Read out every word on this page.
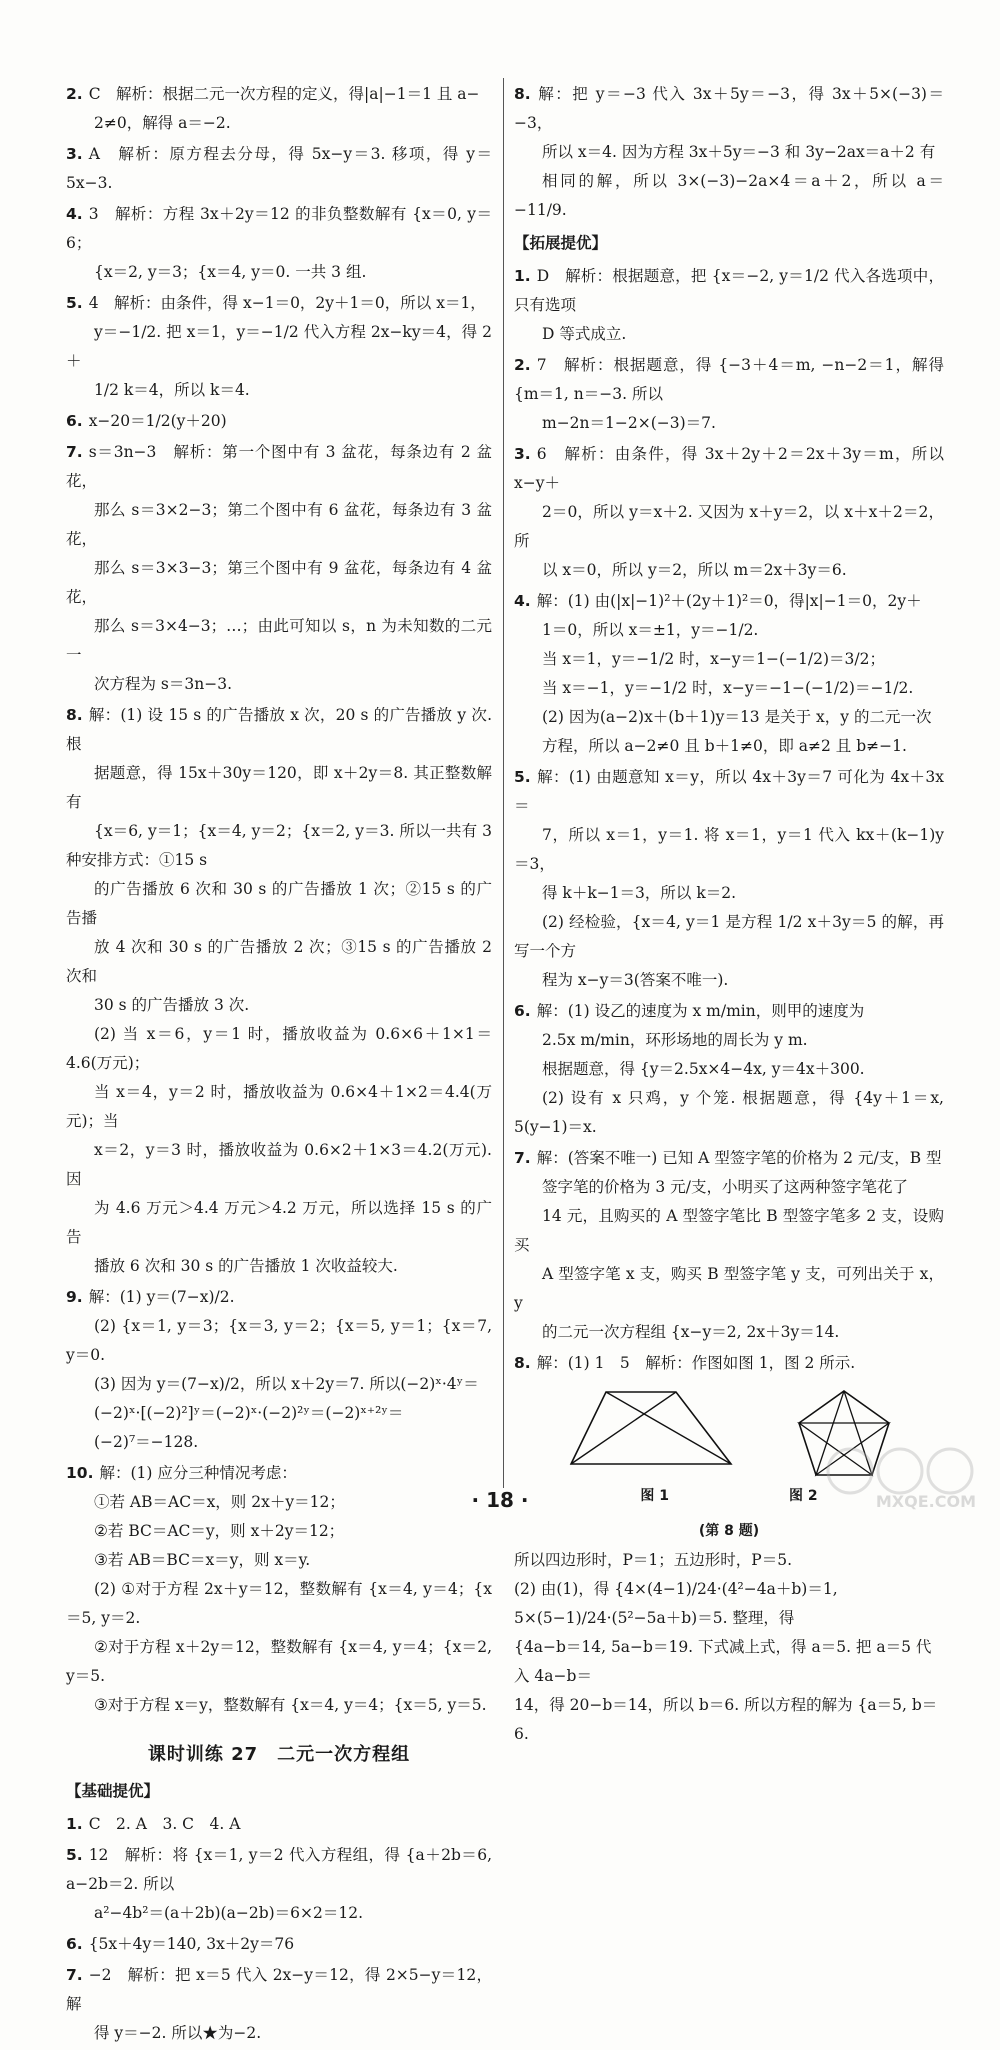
2. C　解析：根据二元一次方程的定义，得|a|−1＝1 且 a−
2≠0，解得 a＝−2.
3. A　解析：原方程去分母，得 5x−y＝3. 移项，得 y＝5x−3.
4. 3　解析：方程 3x＋2y＝12 的非负整数解有 {x＝0, y＝6；
{x＝2, y＝3；{x＝4, y＝0. 一共 3 组.
5. 4　解析：由条件，得 x−1＝0，2y＋1＝0，所以 x＝1，
y＝−1/2. 把 x＝1，y＝−1/2 代入方程 2x−ky＝4，得 2＋
1/2 k＝4，所以 k＝4.
6. x−20＝1/2(y＋20)
7. s＝3n−3　解析：第一个图中有 3 盆花，每条边有 2 盆花，
那么 s＝3×2−3；第二个图中有 6 盆花，每条边有 3 盆花，
那么 s＝3×3−3；第三个图中有 9 盆花，每条边有 4 盆花，
那么 s＝3×4−3；…；由此可知以 s，n 为未知数的二元一
次方程为 s＝3n−3.
8. 解：(1) 设 15 s 的广告播放 x 次，20 s 的广告播放 y 次. 根
据题意，得 15x＋30y＝120，即 x＋2y＝8. 其正整数解有
{x＝6, y＝1；{x＝4, y＝2；{x＝2, y＝3. 所以一共有 3 种安排方式：①15 s
的广告播放 6 次和 30 s 的广告播放 1 次；②15 s 的广告播
放 4 次和 30 s 的广告播放 2 次；③15 s 的广告播放 2 次和
30 s 的广告播放 3 次.
(2) 当 x＝6，y＝1 时，播放收益为 0.6×6＋1×1＝4.6(万元)；
当 x＝4，y＝2 时，播放收益为 0.6×4＋1×2＝4.4(万元)；当
x＝2，y＝3 时，播放收益为 0.6×2＋1×3＝4.2(万元). 因
为 4.6 万元＞4.4 万元＞4.2 万元，所以选择 15 s 的广告
播放 6 次和 30 s 的广告播放 1 次收益较大.
9. 解：(1) y＝(7−x)/2.
(2) {x＝1, y＝3；{x＝3, y＝2；{x＝5, y＝1；{x＝7, y＝0.
(3) 因为 y＝(7−x)/2，所以 x＋2y＝7. 所以(−2)ˣ·4ʸ＝
(−2)ˣ·[(−2)²]ʸ＝(−2)ˣ·(−2)²ʸ＝(−2)ˣ⁺²ʸ＝
(−2)⁷＝−128.
10. 解：(1) 应分三种情况考虑：
①若 AB＝AC＝x，则 2x＋y＝12；
②若 BC＝AC＝y，则 x＋2y＝12；
③若 AB＝BC＝x＝y，则 x＝y.
(2) ①对于方程 2x＋y＝12，整数解有 {x＝4, y＝4；{x＝5, y＝2.
②对于方程 x＋2y＝12，整数解有 {x＝4, y＝4；{x＝2, y＝5.
③对于方程 x＝y，整数解有 {x＝4, y＝4；{x＝5, y＝5.
课时训练 27　二元一次方程组
【基础提优】
1. C　2. A　3. C　4. A
5. 12　解析：将 {x＝1, y＝2 代入方程组，得 {a＋2b＝6, a−2b＝2. 所以
a²−4b²＝(a＋2b)(a−2b)＝6×2＝12.
6. {5x＋4y＝140, 3x＋2y＝76
7. −2　解析：把 x＝5 代入 2x−y＝12，得 2×5−y＝12，解
得 y＝−2. 所以★为−2.
8. 解：把 y＝−3 代入 3x＋5y＝−3，得 3x＋5×(−3)＝−3，
所以 x＝4. 因为方程 3x＋5y＝−3 和 3y−2ax＝a＋2 有
相同的解，所以 3×(−3)−2a×4＝a＋2，所以 a＝−11/9.
【拓展提优】
1. D　解析：根据题意，把 {x＝−2, y＝1/2 代入各选项中，只有选项
D 等式成立.
2. 7　解析：根据题意，得 {−3＋4＝m, −n−2＝1，解得 {m＝1, n＝−3. 所以
m−2n＝1−2×(−3)＝7.
3. 6　解析：由条件，得 3x＋2y＋2＝2x＋3y＝m，所以 x−y＋
2＝0，所以 y＝x＋2. 又因为 x＋y＝2，以 x＋x＋2＝2，所
以 x＝0，所以 y＝2，所以 m＝2x＋3y＝6.
4. 解：(1) 由(|x|−1)²＋(2y＋1)²＝0，得|x|−1＝0，2y＋
1＝0，所以 x＝±1，y＝−1/2.
当 x＝1，y＝−1/2 时，x−y＝1−(−1/2)＝3/2；
当 x＝−1，y＝−1/2 时，x−y＝−1−(−1/2)＝−1/2.
(2) 因为(a−2)x＋(b＋1)y＝13 是关于 x，y 的二元一次
方程，所以 a−2≠0 且 b＋1≠0，即 a≠2 且 b≠−1.
5. 解：(1) 由题意知 x＝y，所以 4x＋3y＝7 可化为 4x＋3x＝
7，所以 x＝1，y＝1. 将 x＝1，y＝1 代入 kx＋(k−1)y＝3，
得 k＋k−1＝3，所以 k＝2.
(2) 经检验，{x＝4, y＝1 是方程 1/2 x＋3y＝5 的解，再写一个方
程为 x−y＝3(答案不唯一).
6. 解：(1) 设乙的速度为 x m/min，则甲的速度为
2.5x m/min，环形场地的周长为 y m.
根据题意，得 {y＝2.5x×4−4x, y＝4x＋300.
(2) 设有 x 只鸡，y 个笼. 根据题意，得 {4y＋1＝x, 5(y−1)＝x.
7. 解：(答案不唯一) 已知 A 型签字笔的价格为 2 元/支，B 型
签字笔的价格为 3 元/支，小明买了这两种签字笔花了
14 元，且购买的 A 型签字笔比 B 型签字笔多 2 支，设购买
A 型签字笔 x 支，购买 B 型签字笔 y 支，可列出关于 x，y
的二元一次方程组 {x−y＝2, 2x＋3y＝14.
8. 解：(1) 1　5　解析：作图如图 1，图 2 所示.
图 1	图 2
(第 8 题)
所以四边形时，P＝1；五边形时，P＝5.
(2) 由(1)，得 {4×(4−1)/24·(4²−4a＋b)＝1, 5×(5−1)/24·(5²−5a＋b)＝5. 整理，得
{4a−b＝14, 5a−b＝19. 下式减上式，得 a＝5. 把 a＝5 代入 4a−b＝
14，得 20−b＝14，所以 b＝6. 所以方程的解为 {a＝5, b＝6.
· 18 ·	MXQE.COM
